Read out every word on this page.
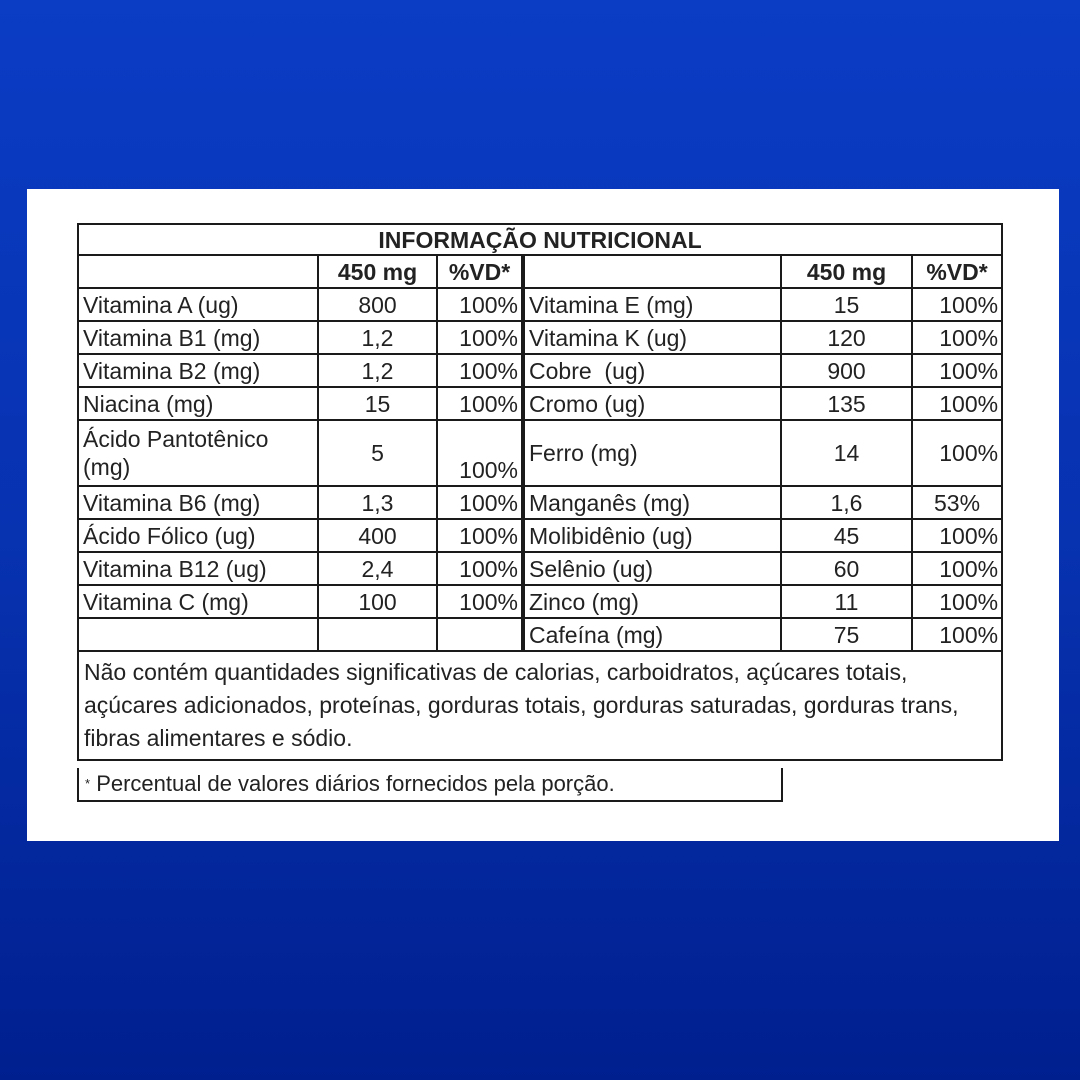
INFORMAÇÃO NUTRICIONAL					
	450 mg	%VD*		450 mg	%VD*
Vitamina A (ug)	800	100%	Vitamina E (mg)	15	100%
Vitamina B1 (mg)	1,2	100%	Vitamina K (ug)	120	100%
Vitamina B2 (mg)	1,2	100%	Cobre  (ug)	900	100%
Niacina (mg)	15	100%	Cromo (ug)	135	100%
Ácido Pantotênico (mg)	5	100%	Ferro (mg)	14	100%
Vitamina B6 (mg)	1,3	100%	Manganês (mg)	1,6	53%
Ácido Fólico (ug)	400	100%	Molibidênio (ug)	45	100%
Vitamina B12 (ug)	2,4	100%	Selênio (ug)	60	100%
Vitamina C (mg)	100	100%	Zinco (mg)	11	100%
			Cafeína (mg)	75	100%
Não contém quantidades significativas de calorias, carboidratos, açúcares totais, açúcares adicionados, proteínas, gorduras totais, gorduras saturadas, gorduras trans, fibras alimentares e sódio.					
* Percentual de valores diários fornecidos pela porção.
